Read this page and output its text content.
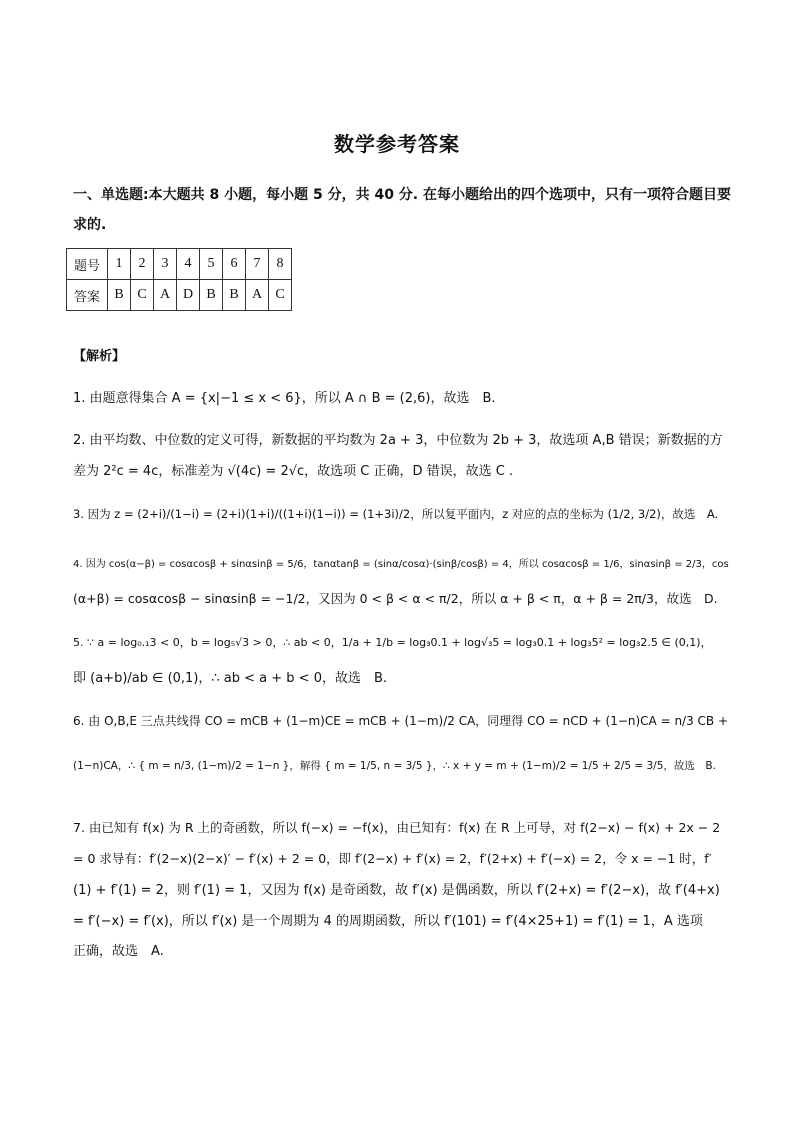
数学参考答案
一、单选题:本大题共 8 小题，每小题 5 分，共 40 分. 在每小题给出的四个选项中，只有一项符合题目要求的.
题号	1	2	3	4	5	6	7	8
答案	B	C	A	D	B	B	A	C
【解析】
1. 由题意得集合 A = {x|−1 ≤ x < 6}，所以 A ∩ B = (2,6)，故选　B.
2. 由平均数、中位数的定义可得，新数据的平均数为 2a + 3，中位数为 2b + 3，故选项 A,B 错误；新数据的方
差为 2²c = 4c，标准差为 √(4c) = 2√c，故选项 C 正确，D 错误，故选 C .
3. 因为 z = (2+i)/(1−i) = (2+i)(1+i)/((1+i)(1−i)) = (1+3i)/2，所以复平面内，z 对应的点的坐标为 (1/2, 3/2)，故选　A.
4. 因为 cos(α−β) = cosαcosβ + sinαsinβ = 5/6，tanαtanβ = (sinα/cosα)·(sinβ/cosβ) = 4，所以 cosαcosβ = 1/6，sinαsinβ = 2/3，cos
(α+β) = cosαcosβ − sinαsinβ = −1/2，又因为 0 < β < α < π/2，所以 α + β < π，α + β = 2π/3，故选　D.
5. ∵ a = log₀.₁3 < 0，b = log₅√3 > 0，∴ ab < 0，1/a + 1/b = log₃0.1 + log√₃5 = log₃0.1 + log₃5² = log₃2.5 ∈ (0,1)，
即 (a+b)/ab ∈ (0,1)，∴ ab < a + b < 0，故选　B.
6. 由 O,B,E 三点共线得 CO = mCB + (1−m)CE = mCB + (1−m)/2 CA，同理得 CO = nCD + (1−n)CA = n/3 CB +
(1−n)CA，∴ { m = n/3, (1−m)/2 = 1−n }，解得 { m = 1/5, n = 3/5 }，∴ x + y = m + (1−m)/2 = 1/5 + 2/5 = 3/5，故选　B.
7. 由已知有 f(x) 为 R 上的奇函数，所以 f(−x) = −f(x)，由已知有：f(x) 在 R 上可导，对 f(2−x) − f(x) + 2x − 2
= 0 求导有：f′(2−x)(2−x)′ − f′(x) + 2 = 0，即 f′(2−x) + f′(x) = 2，f′(2+x) + f′(−x) = 2，令 x = −1 时，f′
(1) + f′(1) = 2，则 f′(1) = 1，又因为 f(x) 是奇函数，故 f′(x) 是偶函数，所以 f′(2+x) = f′(2−x)，故 f′(4+x)
= f′(−x) = f′(x)，所以 f′(x) 是一个周期为 4 的周期函数，所以 f′(101) = f′(4×25+1) = f′(1) = 1，A 选项
正确，故选　A.
